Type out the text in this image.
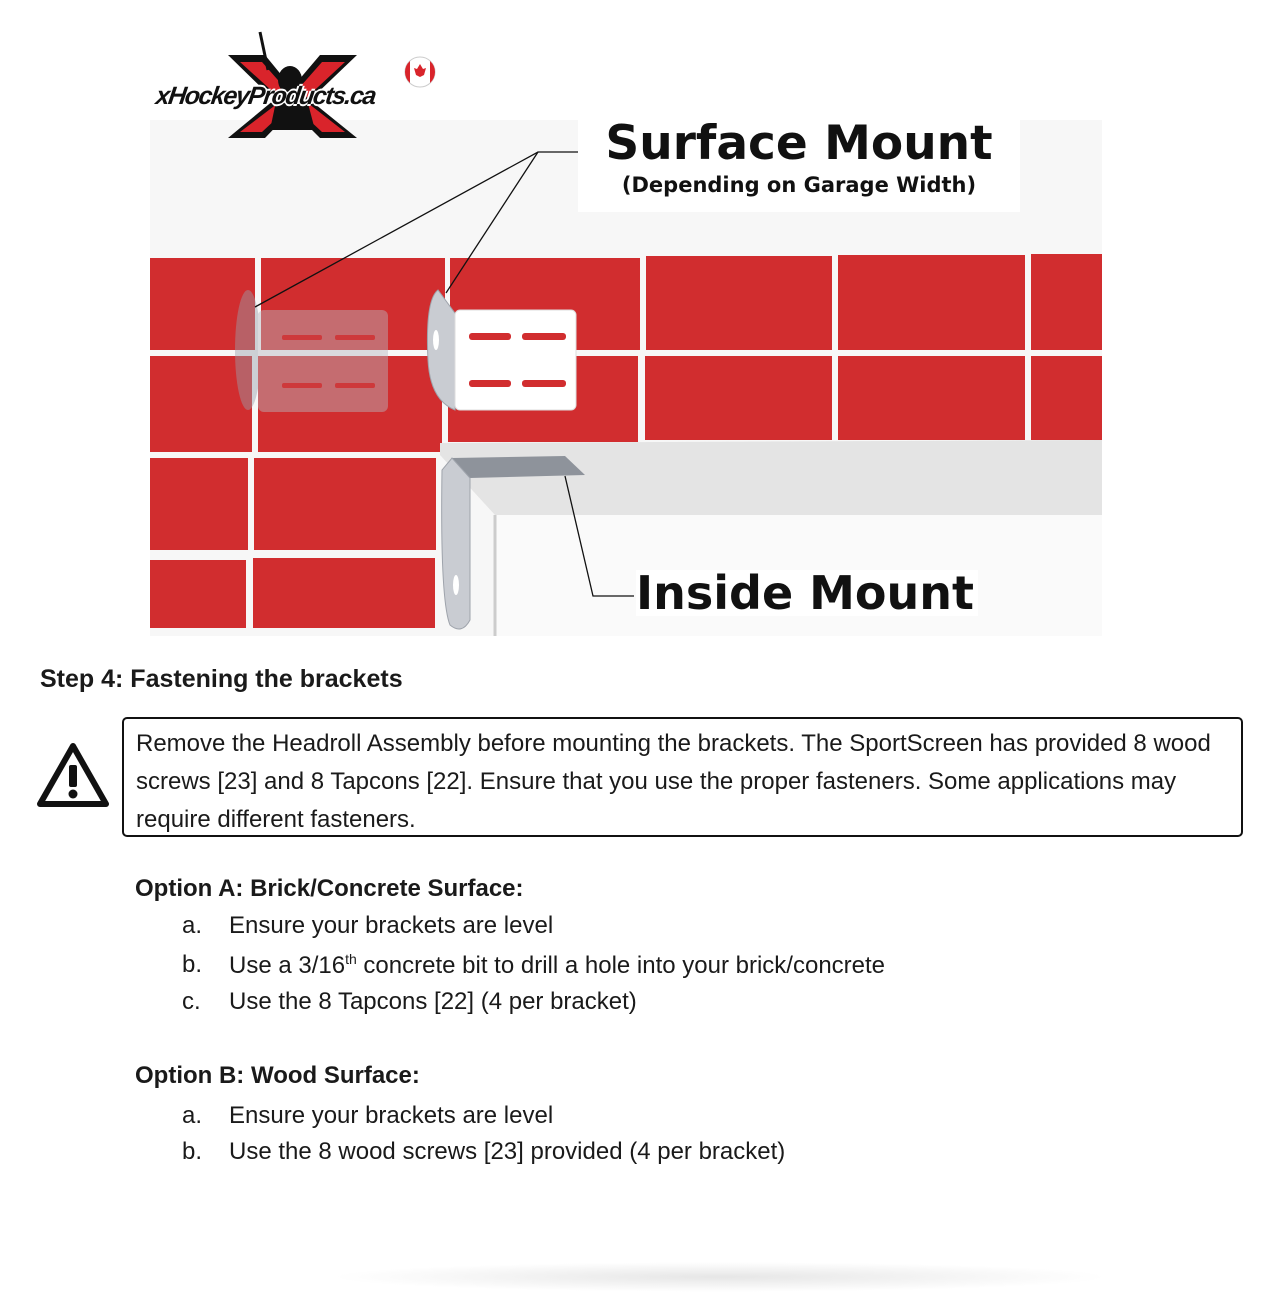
xHockeyProducts.ca
Surface Mount
(Depending on Garage Width)
Inside Mount
Step 4: Fastening the brackets
Remove the Headroll Assembly before mounting the brackets. The SportScreen has provided 8 wood screws [23] and 8 Tapcons [22]. Ensure that you use the proper fasteners. Some applications may require different fasteners.
Option A: Brick/Concrete Surface:
a. Ensure your brackets are level
b. Use a 3/16th concrete bit to drill a hole into your brick/concrete
c. Use the 8 Tapcons [22] (4 per bracket)
Option B: Wood Surface:
a. Ensure your brackets are level
b. Use the 8 wood screws [23] provided (4 per bracket)
